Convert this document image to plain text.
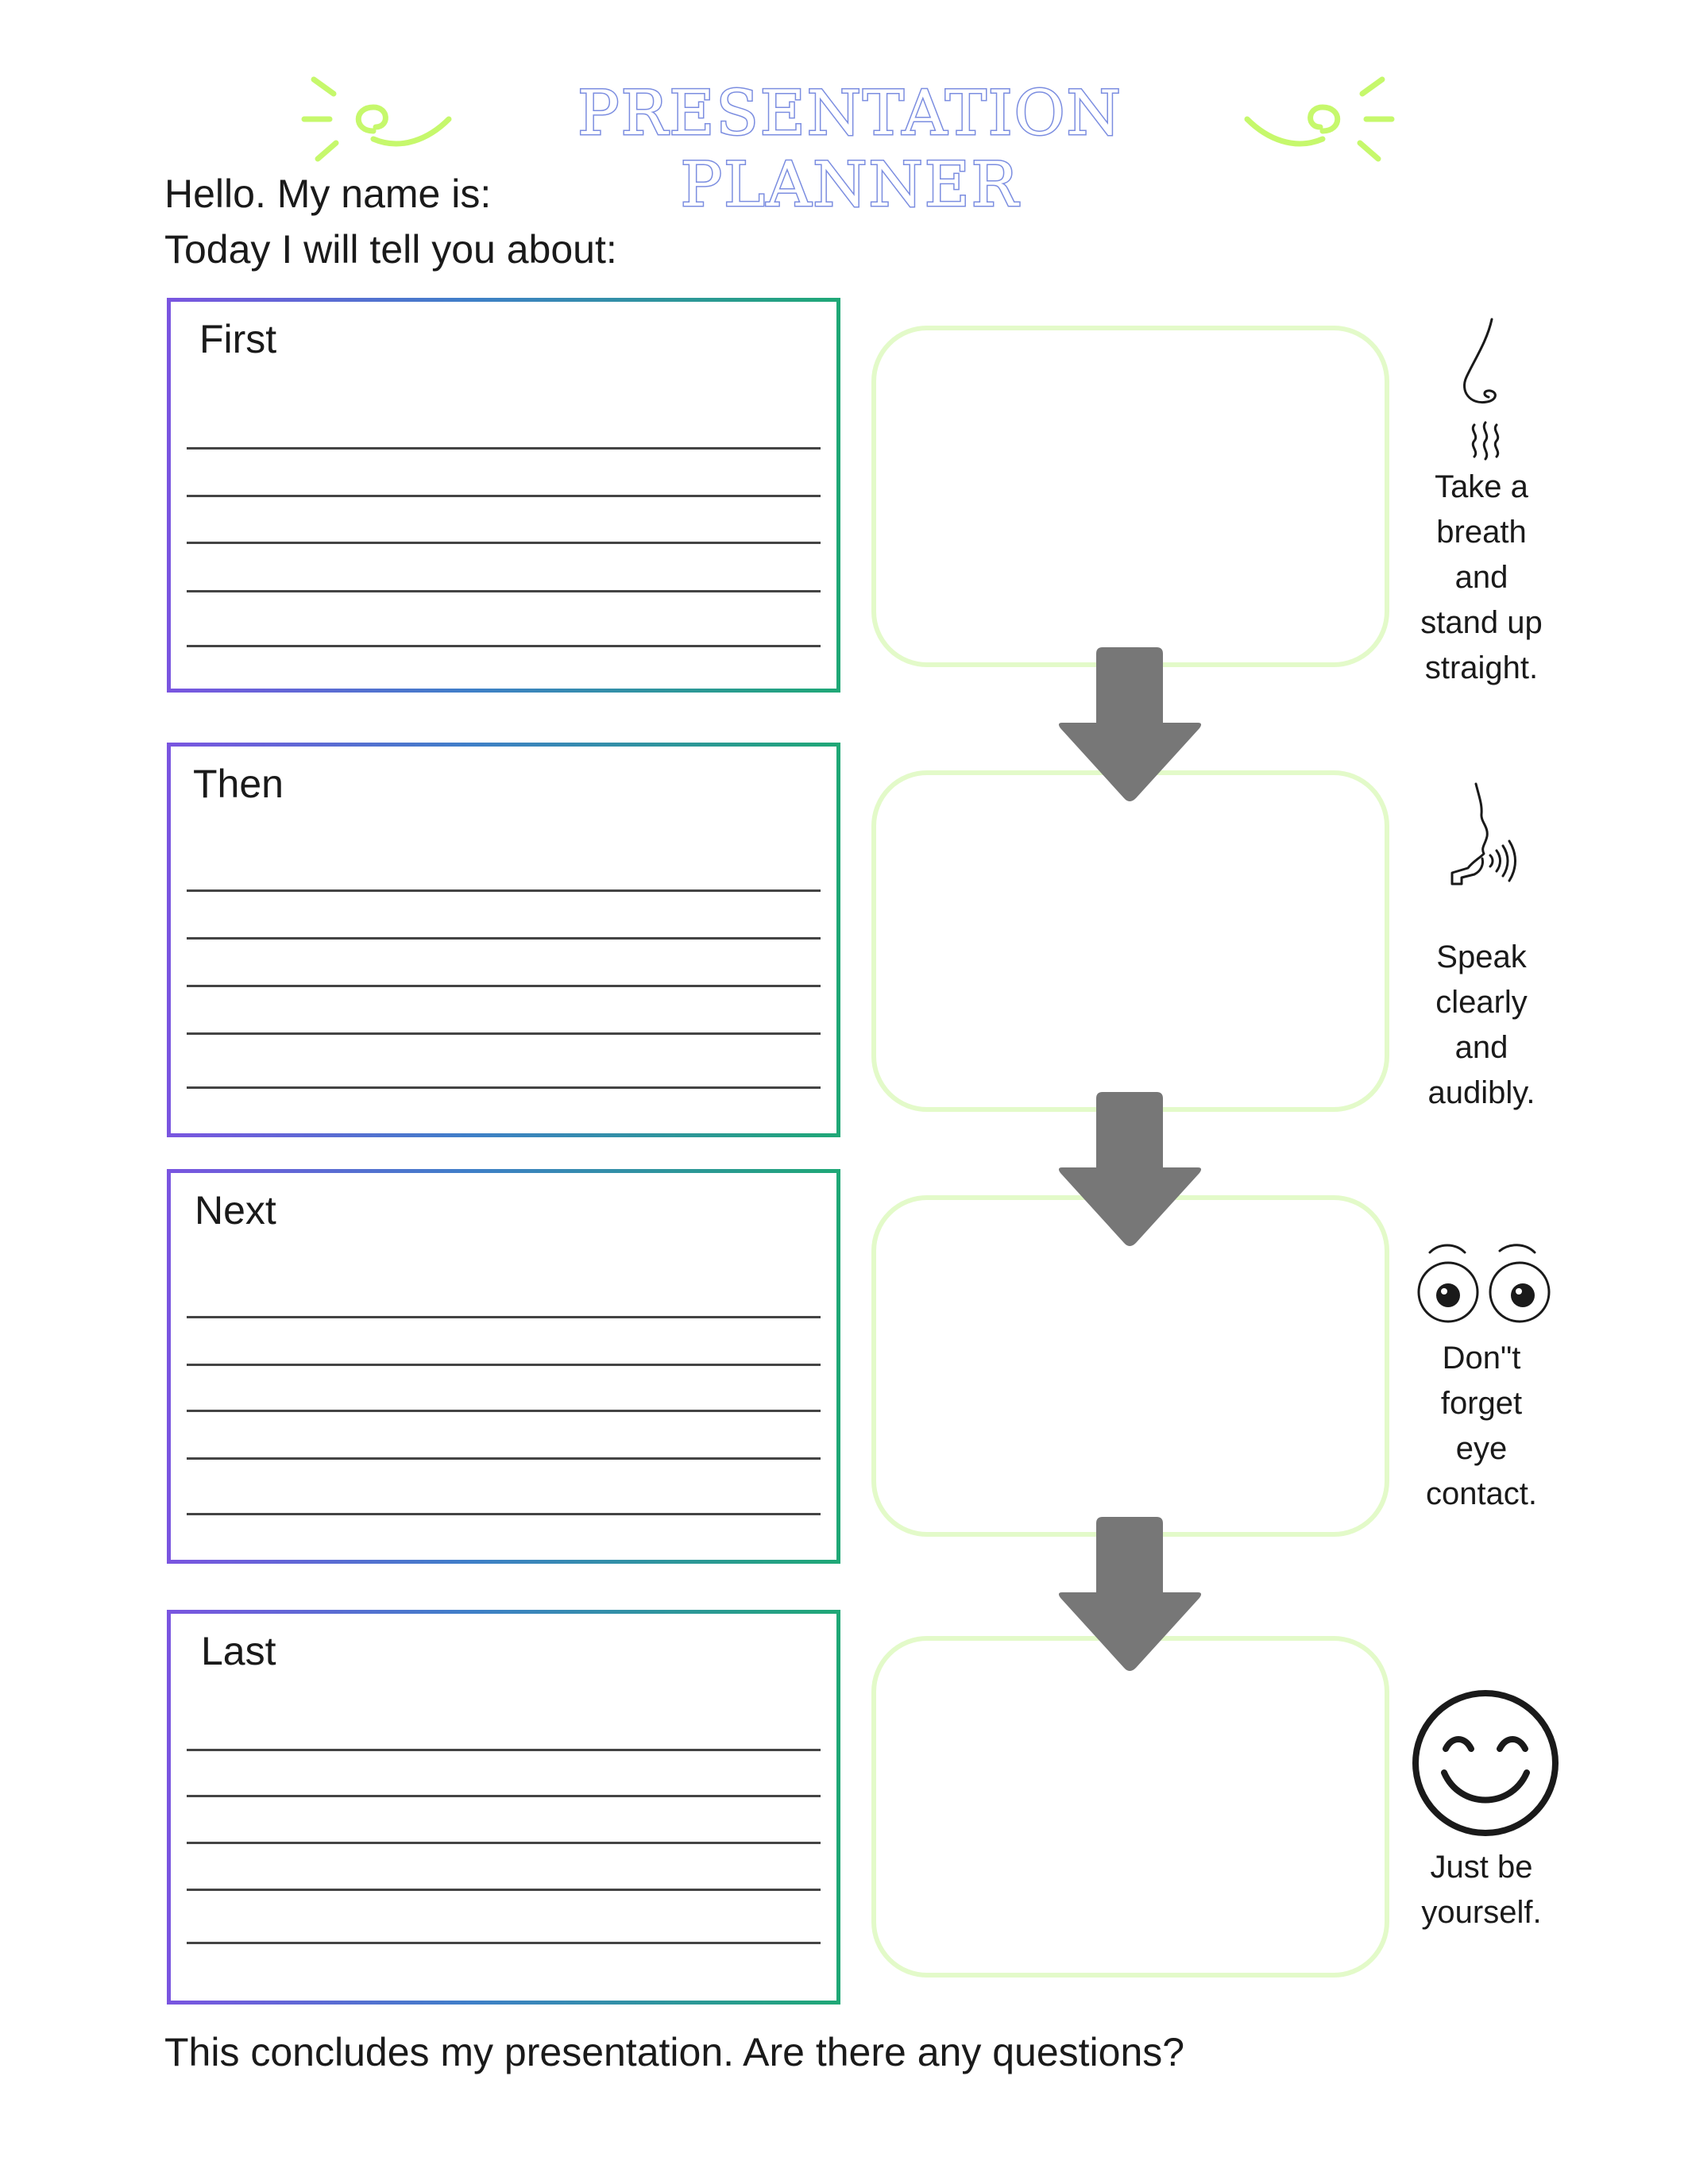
PRESENTATION PLANNER
Hello. My name is:
Today I will tell you about:
First
Then
Next
Last
Take a
breath
and
stand up
straight.
Speak
clearly
and
audibly.
Don"t
forget
eye
contact.
Just be
yourself.
This concludes my presentation. Are there any questions?
